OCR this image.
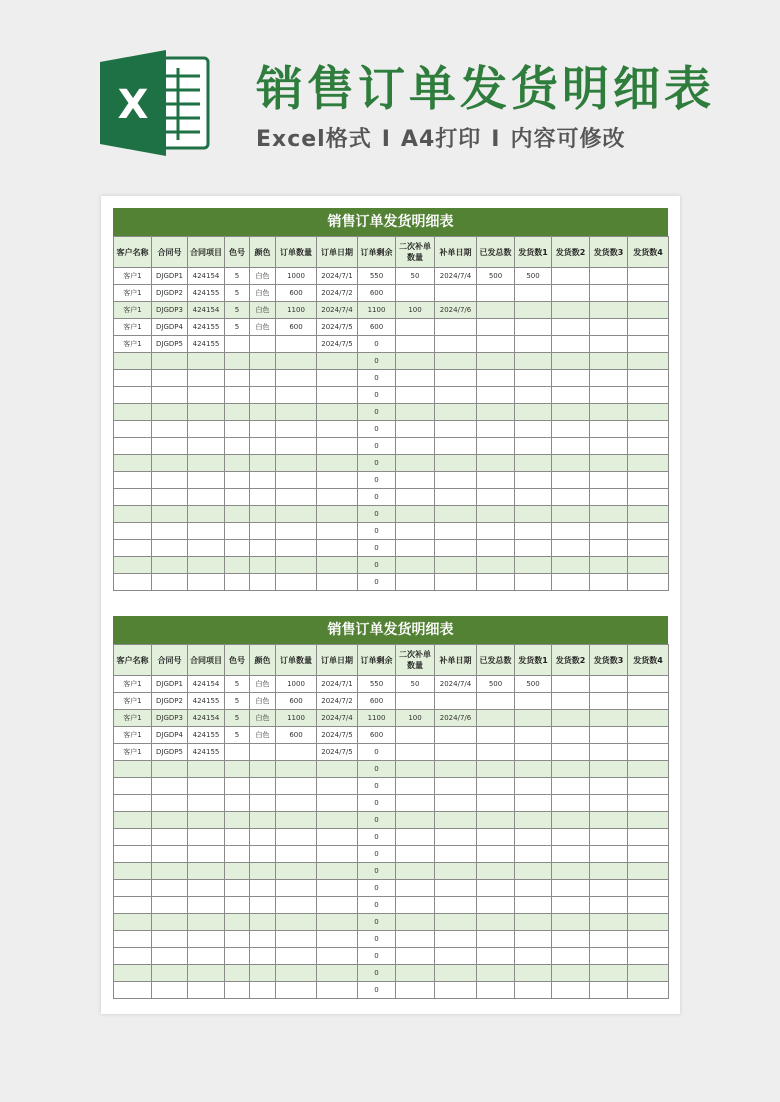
X 销售订单发货明细表
Excel格式 I A4打印 I 内容可修改
销售订单发货明细表
客户名称	合同号	合同项目	色号	颜色	订单数量	订单日期	订单剩余	二次补单数量	补单日期	已发总数	发货数1	发货数2	发货数3	发货数4
客户1	DJGDP1	424154	5	白色	1000	2024/7/1	550	50	2024/7/4	500	500			
客户1	DJGDP2	424155	5	白色	600	2024/7/2	600							
客户1	DJGDP3	424154	5	白色	1100	2024/7/4	1100	100	2024/7/6					
客户1	DJGDP4	424155	5	白色	600	2024/7/5	600							
客户1	DJGDP5	424155				2024/7/5	0							
							0							
							0							
							0							
							0							
							0							
							0							
							0							
							0							
							0							
							0							
							0							
							0							
							0							
							0							
销售订单发货明细表
客户名称	合同号	合同项目	色号	颜色	订单数量	订单日期	订单剩余	二次补单数量	补单日期	已发总数	发货数1	发货数2	发货数3	发货数4
客户1	DJGDP1	424154	5	白色	1000	2024/7/1	550	50	2024/7/4	500	500			
客户1	DJGDP2	424155	5	白色	600	2024/7/2	600							
客户1	DJGDP3	424154	5	白色	1100	2024/7/4	1100	100	2024/7/6					
客户1	DJGDP4	424155	5	白色	600	2024/7/5	600							
客户1	DJGDP5	424155				2024/7/5	0							
							0							
							0							
							0							
							0							
							0							
							0							
							0							
							0							
							0							
							0							
							0							
							0							
							0							
							0							
